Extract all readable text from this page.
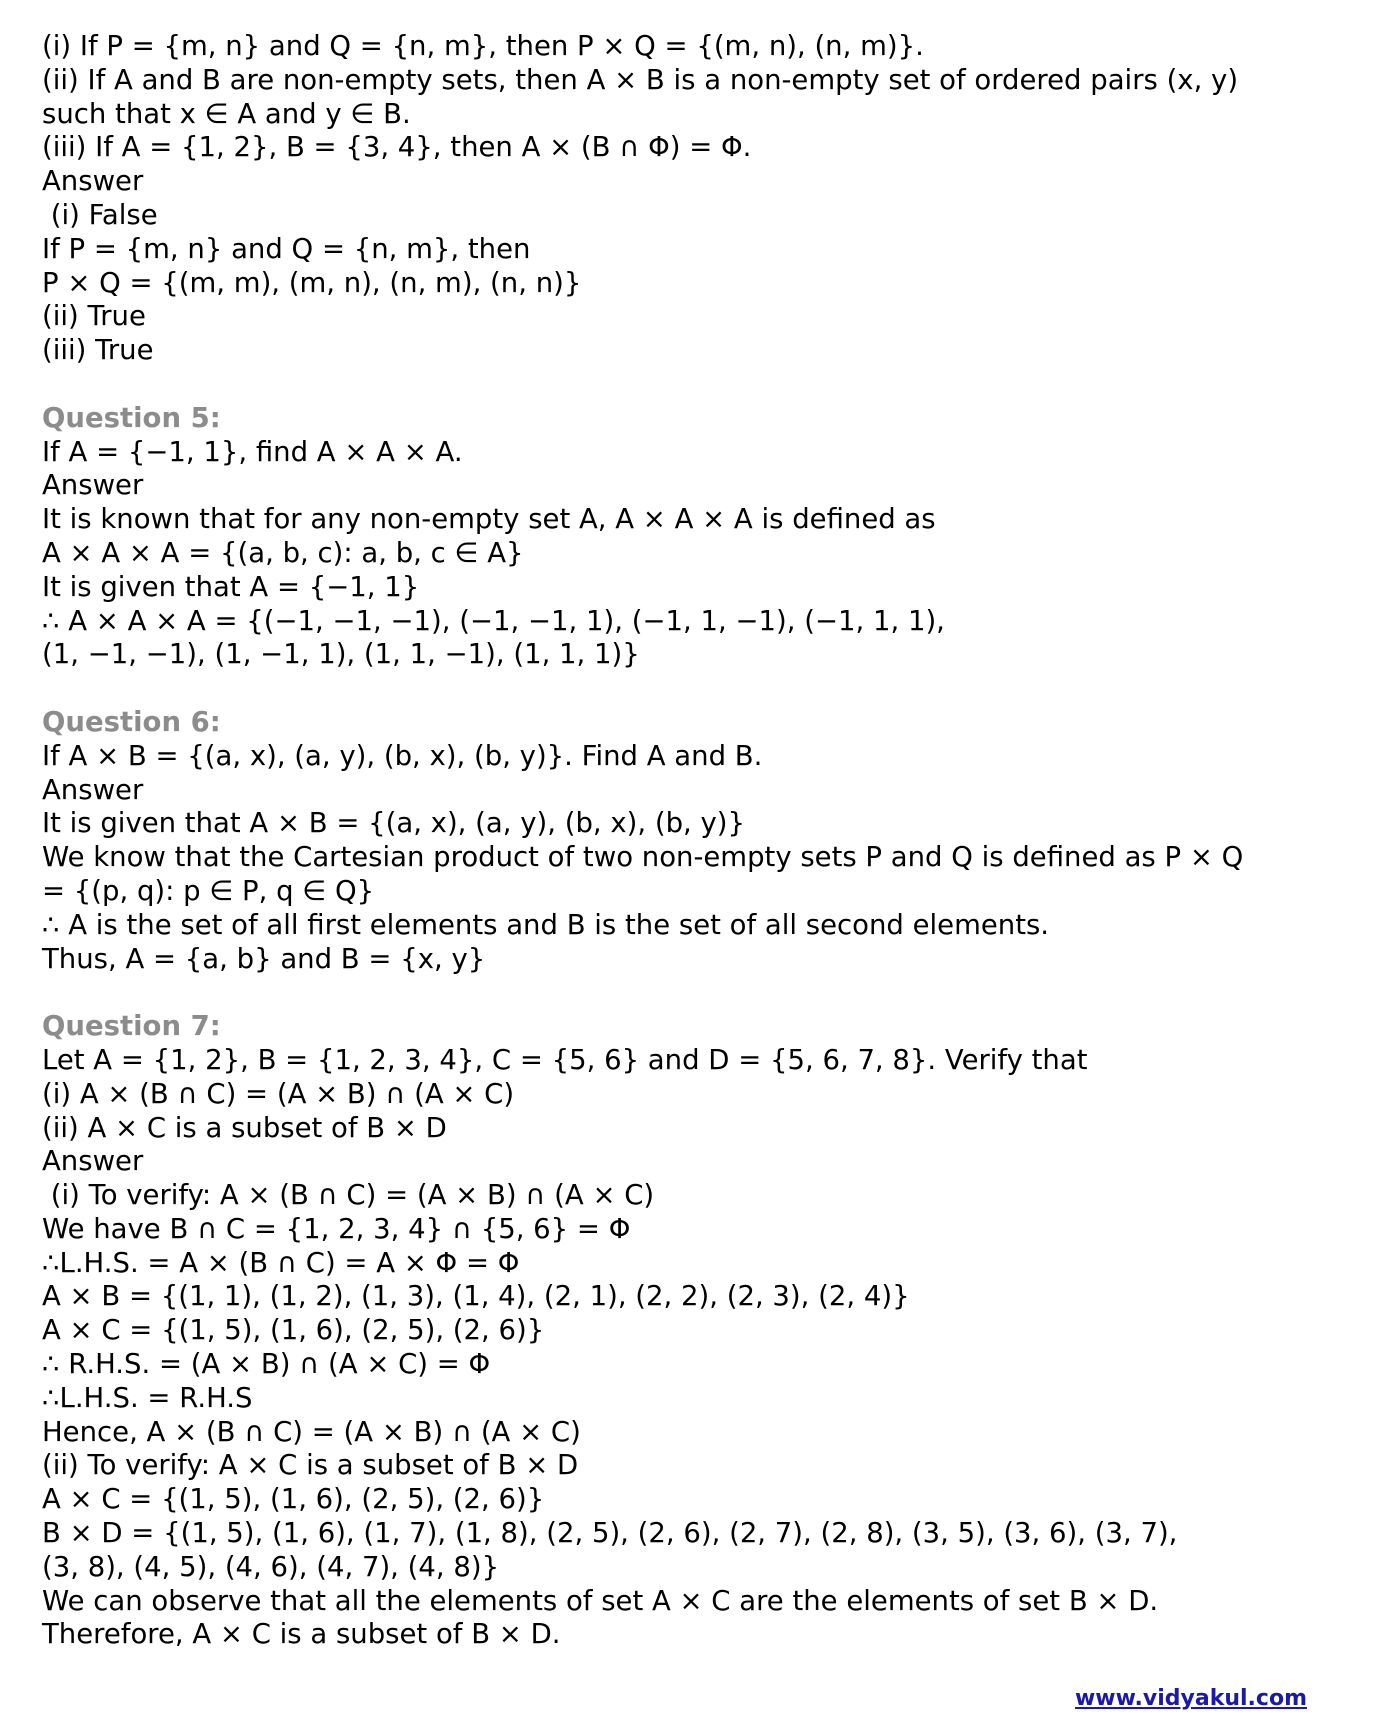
(i) If P = {m, n} and Q = {n, m}, then P × Q = {(m, n), (n, m)}.
(ii) If A and B are non-empty sets, then A × B is a non-empty set of ordered pairs (x, y)
such that x ∈ A and y ∈ B.
(iii) If A = {1, 2}, B = {3, 4}, then A × (B ∩ Φ) = Φ.
Answer
(i) False
If P = {m, n} and Q = {n, m}, then
P × Q = {(m, m), (m, n), (n, m), (n, n)}
(ii) True
(iii) True
Question 5:
If A = {−1, 1}, find A × A × A.
Answer
It is known that for any non-empty set A, A × A × A is defined as
A × A × A = {(a, b, c): a, b, c ∈ A}
It is given that A = {−1, 1}
∴ A × A × A = {(−1, −1, −1), (−1, −1, 1), (−1, 1, −1), (−1, 1, 1),
(1, −1, −1), (1, −1, 1), (1, 1, −1), (1, 1, 1)}
Question 6:
If A × B = {(a, x), (a, y), (b, x), (b, y)}. Find A and B.
Answer
It is given that A × B = {(a, x), (a, y), (b, x), (b, y)}
We know that the Cartesian product of two non-empty sets P and Q is defined as P × Q
= {(p, q): p ∈ P, q ∈ Q}
∴ A is the set of all first elements and B is the set of all second elements.
Thus, A = {a, b} and B = {x, y}
Question 7:
Let A = {1, 2}, B = {1, 2, 3, 4}, C = {5, 6} and D = {5, 6, 7, 8}. Verify that
(i) A × (B ∩ C) = (A × B) ∩ (A × C)
(ii) A × C is a subset of B × D
Answer
(i) To verify: A × (B ∩ C) = (A × B) ∩ (A × C)
We have B ∩ C = {1, 2, 3, 4} ∩ {5, 6} = Φ
∴L.H.S. = A × (B ∩ C) = A × Φ = Φ
A × B = {(1, 1), (1, 2), (1, 3), (1, 4), (2, 1), (2, 2), (2, 3), (2, 4)}
A × C = {(1, 5), (1, 6), (2, 5), (2, 6)}
∴ R.H.S. = (A × B) ∩ (A × C) = Φ
∴L.H.S. = R.H.S
Hence, A × (B ∩ C) = (A × B) ∩ (A × C)
(ii) To verify: A × C is a subset of B × D
A × C = {(1, 5), (1, 6), (2, 5), (2, 6)}
B × D = {(1, 5), (1, 6), (1, 7), (1, 8), (2, 5), (2, 6), (2, 7), (2, 8), (3, 5), (3, 6), (3, 7),
(3, 8), (4, 5), (4, 6), (4, 7), (4, 8)}
We can observe that all the elements of set A × C are the elements of set B × D.
Therefore, A × C is a subset of B × D.
www.vidyakul.com
